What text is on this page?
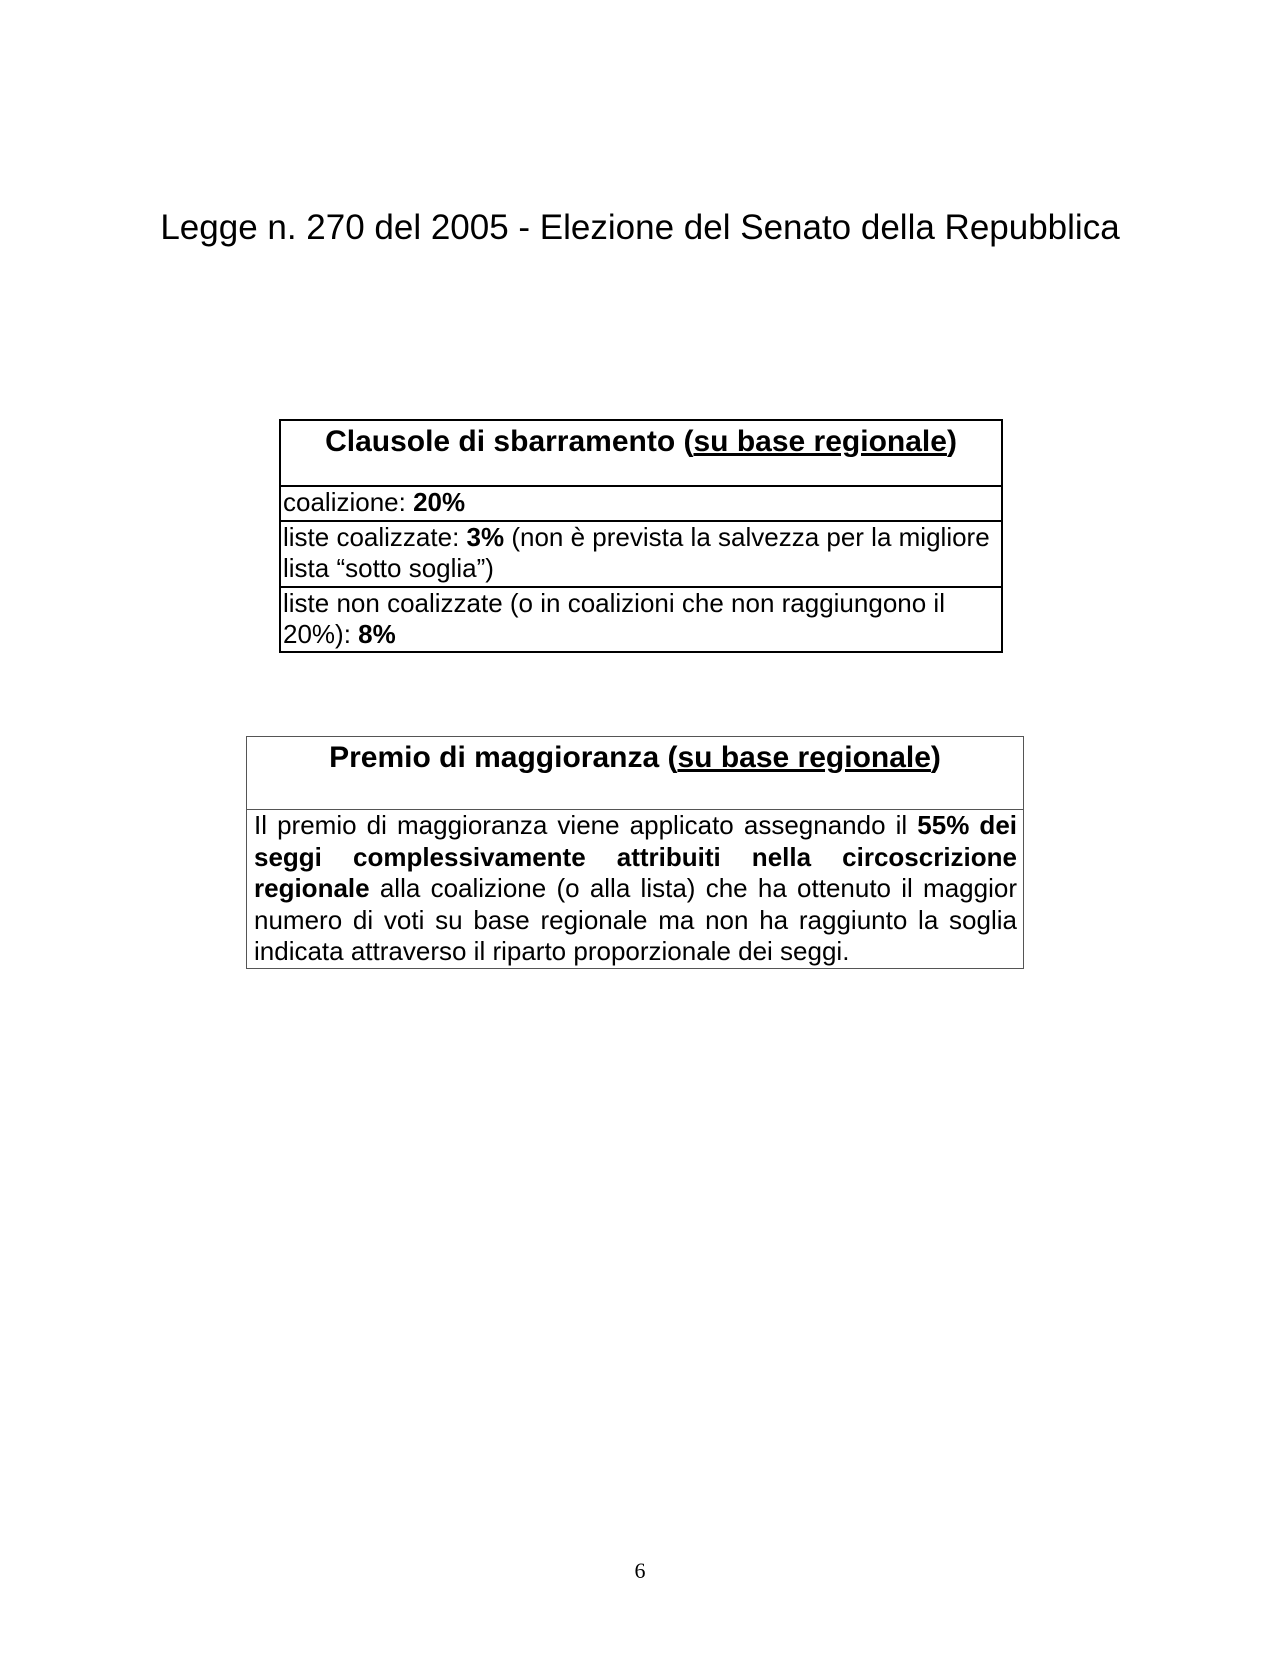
Legge n. 270 del 2005 - Elezione del Senato della Repubblica
Clausole di sbarramento (su base regionale)

coalizione: 20%
liste coalizzate: 3% (non è prevista la salvezza per la migliore lista “sotto soglia”)
liste non coalizzate (o in coalizioni che non raggiungono il 20%): 8%
Premio di maggioranza (su base regionale)

Il premio di maggioranza viene applicato assegnando il 55% dei seggi complessivamente attribuiti nella circoscrizione regionale alla coalizione (o alla lista) che ha ottenuto il maggior numero di voti su base regionale ma non ha raggiunto la soglia indicata attraverso il riparto proporzionale dei seggi.
6
